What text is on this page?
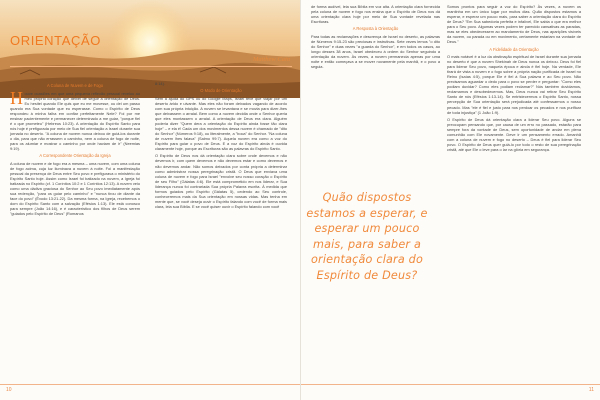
ORIENTAÇÃO
Matthew Cain
A Coluna de Nuvem e de Fogo

Houve ocasiões em que uma pequena reflexão pessoal revelou ao meu próprio coração que deixei de seguir a orientação de Deus. Eu hesitei quando Ele quis que eu me movesse, ou dei um passo quando era Sua vontade que eu esperasse. Como o Espírito de Deus respondeu à minha falha em confiar perfeitamente Nele? Foi por me ensinar pacientemente e permanecer determinado a me guiar, "porque fiel é o que prometeu" (Hebreus 10:23). A orientação do Espírito Santo para nós hoje é prefigurada por meio de Sua fiel orientação a Israel durante sua jornada no deserto. "A coluna de nuvem nunca deixou de guiá-los durante o dia, para que não errassem o caminho, nem a coluna de fogo de noite, para os alumiar e mostrar o caminho por onde haviam de ir" (Neemias 9:19).

A Correspondente Orientação da Igreja

A coluna de nuvem e de fogo era a mesma – uma nuvem, com uma coluna de fogo acima, cuja luz iluminava a nuvem à noite. Foi a manifestação pessoal da presença de Deus entre Seu povo e prefigurava o ministério do Espírito Santo hoje. Assim como Israel foi batizado na nuvem, a Igreja foi batizada no Espírito (cf. 1 Coríntios 10:2 e 1 Coríntios 12:13). A nuvem veio como uma dádiva graciosa do Senhor ao Seu povo imediatamente após sua redenção, "para os guiar pelo caminho" e "nunca tirou de diante da face do povo" (Êxodo 13:21-22). Da mesma forma, na Igreja, recebemos o dom do Espírito Santo com a salvação (Efésios 1:13). Ele está conosco para sempre (João 14:16), e é característico dos filhos de Deus serem "guiados pelo Espírito de Deus" (Romanos

8:14).

O Modo de Orientação

Sem a ajuda do GPS ou do Google Maps, Israel teve que viajar por um deserto árido e uivante. Mas eles não foram deixados vagando de acordo com sua própria intuição. A nuvem se levantava e se movia para dizer-lhes que deixassem o arraial. Bem como a nuvem decidia onde o Senhor queria que eles montassem o arraial. A orientação de Deus era clara. Alguém poderia dizer "Quem dera a orientação do Espírito ainda fosse tão clara hoje" – e ela é! Cada um dos movimentos dessa nuvem é chamado de "dito do Senhor" (Números 9:18), ou literalmente, a "boca" do Senhor. "Na coluna de nuvem lhes falava" (Salmo 99:7). Aquela nuvem era como a voz do Espírito para guiar o povo de Deus. E a voz do Espírito ainda é ouvida claramente hoje, porque as Escrituras são as palavras do Espírito Santo.

O Espírito de Deus nos dá orientação clara sobre onde devemos e não devemos ir, com quem devemos e não devemos estar e como devemos e não devemos andar. Não somos deixados por conta própria a determinar como administrar nossa peregrinação cristã. O Deus que enviava uma coluna de nuvem e fogo para Israel "envolve seu nosso coração o Espírito de seu Filho" (Gálatas 4:6). Ele está comprometido em nos liderar, e Sua liderança nunca foi contrariada Sua própria Palavra escrita. À medida que formos guiados pelo Espírito (Gálatas 5), cedendo ao Seu controle, conheceremos mais da Sua orientação em nossas vidas. Mas tenha em mente que, se você deseja ouvir o Espírito falando com você de forma mais clara, leia sua Bíblia. E se você quiser ouvir o Espírito falando com você

10

de forma audível, leia sua Bíblia em voz alta. A orientação clara fornecida pela coluna de nuvem e fogo nos ensina que o Espírito de Deus nos dá uma orientação clara hoje por meio de Sua vontade revelada nas Escrituras.

A Resposta à Orientação

Para todas as reclamações e descrença de Israel no deserto, as palavras de Números 9:15-23 são preciosas e instrutivas. Sete vezes lemos "o dito do Senhor" e duas vezes "a guarda do Senhor", e em todos os casos, ao longo desses 38 anos, Israel obedeceu à ordem do Senhor seguindo a orientação da nuvem. Às vezes, a nuvem permanecia apenas por uma noite e então começava a se mover novamente pela manhã, e o povo a seguia.

Quão dispostos estamos a esperar, e esperar um pouco mais, para saber a orientação clara do Espírito de Deus?

Somos prontos para seguir a voz do Espírito? Às vezes, a nuvem os mantinha em um único lugar por muitos dias. Quão dispostos estamos a esperar, e esperar um pouco mais, para saber a orientação clara do Espírito de Deus? "Em Sua sabedoria perfeita e infalível, Ele sabia o que era melhor para o Seu povo. Algumas vezes podem ter parecido cansativas as paradas, mas se eles obedecessem ao mandamento de Deus, nas aparições visíveis da nuvem, ou parada ou em movimento, certamente estariam na vontade de Deus."

A Fidelidade da Orientação

O mais notável é a luz da obstinação espiritual de Israel durante sua jornada no deserto é que a nuvem Shekinah de Deus nunca os deixou. Deus foi fiel para liderar Seu povo, naquela época e ainda é fiel hoje. Na verdade, Ele tirará de vista a nuvem e o fogo sobre a própria nação purificada de Israel no Reino (Isaías 4:5), porque Ele é fiel à Sua palavra e ao Seu povo. Não precisamos aguardar o dedo para o povo se perder e perguntar: "Como eles podiam duvidar? Como eles podiam reclamar?" Nós também duvidamos, reclamamos e desobedecemos. Mas, Deus nunca vai retirar Seu Espírito Santo de nós (Efésios 1:13-14). Se entristecermos o Espírito Santo, nossa percepção de Sua orientação será prejudicada até confessarmos o nosso pecado. Mas "ele é fiel e justo para nos perdoar os pecados e nos purificar de toda injustiça" (1 João 1:9).

O Espírito de Deus dá orientação clara a liderar Seu povo. Alguns se preocupam pensando que, por causa de um erro no passado, estarão para sempre fora da vontade de Deus, sem oportunidade de andar em plena comunhão com Ele novamente. Deve ir um pensamento errado. Amanhã com a coluna de nuvem e fogo no deserto – Deus é fiel para liderar Seu povo. O Espírito de Deus quer guiá-lo por todo o resto de sua peregrinação cristã, até que Ele o leve para o lar na glória em segurança.

11
